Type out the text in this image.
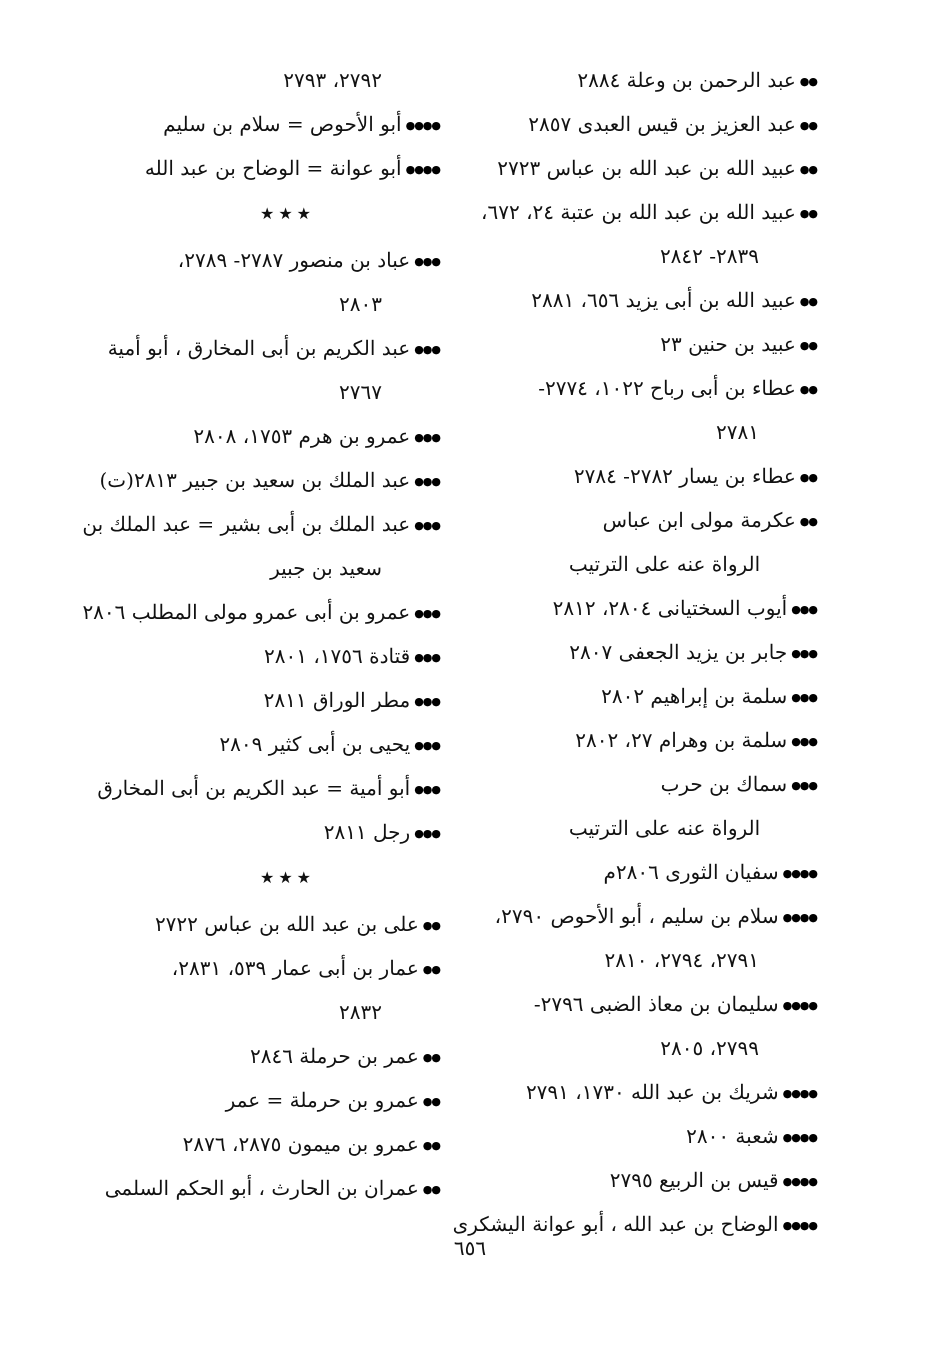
●●عبد الرحمن بن وعلة ٢٨٨٤
●●عبد العزيز بن قيس العبدى ٢٨٥٧
●●عبيد الله بن عبد الله بن عباس ٢٧٢٣
●●عبيد الله بن عبد الله بن عتبة ٢٤، ٦٧٢،
٢٨٣٩- ٢٨٤٢
●●عبيد الله بن أبى يزيد ٦٥٦، ٢٨٨١
●●عبيد بن حنين ٢٣
●●عطاء بن أبى رباح ١٠٢٢، ٢٧٧٤-
٢٧٨١
●●عطاء بن يسار ٢٧٨٢- ٢٧٨٤
●●عكرمة مولى ابن عباس
الرواة عنه على الترتيب
●●●أيوب السختيانى ٢٨٠٤، ٢٨١٢
●●●جابر بن يزيد الجعفى ٢٨٠٧
●●●سلمة بن إبراهيم ٢٨٠٢
●●●سلمة بن وهرام ٢٧، ٢٨٠٢
●●●سماك بن حرب
الرواة عنه على الترتيب
●●●●سفيان الثورى ٢٨٠٦م
●●●●سلام بن سليم ، أبو الأحوص ٢٧٩٠،
٢٧٩١، ٢٧٩٤، ٢٨١٠
●●●●سليمان بن معاذ الضبى ٢٧٩٦-
٢٧٩٩، ٢٨٠٥
●●●●شريك بن عبد الله ١٧٣٠، ٢٧٩١
●●●●شعبة ٢٨٠٠
●●●●قيس بن الربيع ٢٧٩٥
●●●●الوضاح بن عبد الله ، أبو عوانة اليشكرى
٢٧٩٢، ٢٧٩٣
●●●●أبو الأحوص = سلام بن سليم
●●●●أبو عوانة = الوضاح بن عبد الله
★★★
●●●عباد بن منصور ٢٧٨٧- ٢٧٨٩،
٢٨٠٣
●●●عبد الكريم بن أبى المخارق ، أبو أمية
٢٧٦٧
●●●عمرو بن هرم ١٧٥٣، ٢٨٠٨
●●●عبد الملك بن سعيد بن جبير ٢٨١٣(ت)
●●●عبد الملك بن أبى بشير = عبد الملك بن
سعيد بن جبير
●●●عمرو بن أبى عمرو مولى المطلب ٢٨٠٦
●●●قتادة ١٧٥٦، ٢٨٠١
●●●مطر الوراق ٢٨١١
●●●يحيى بن أبى كثير ٢٨٠٩
●●●أبو أمية = عبد الكريم بن أبى المخارق
●●●رجل ٢٨١١
★★★
●●على بن عبد الله بن عباس ٢٧٢٢
●●عمار بن أبى عمار ٥٣٩، ٢٨٣١،
٢٨٣٢
●●عمر بن حرملة ٢٨٤٦
●●عمرو بن حرملة = عمر
●●عمرو بن ميمون ٢٨٧٥، ٢٨٧٦
●●عمران بن الحارث ، أبو الحكم السلمى
٦٥٦
